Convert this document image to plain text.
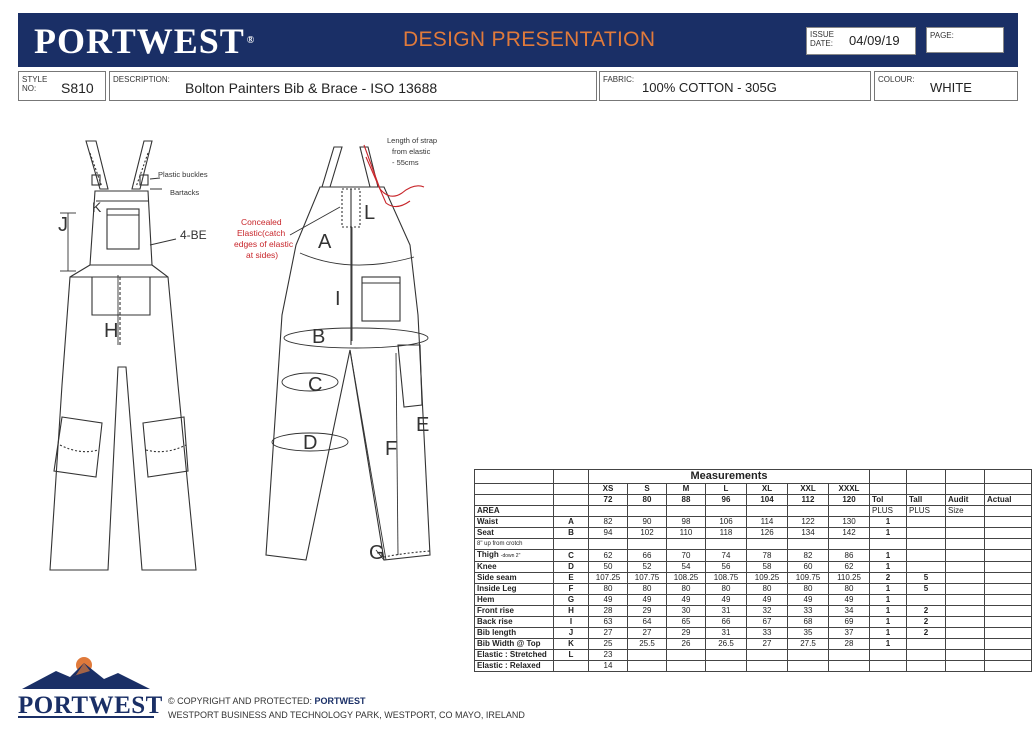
PORTWEST ®	DESIGN PRESENTATION	ISSUE
DATE: 04/09/19	PAGE:
STYLE
NO:	S810
DESCRIPTION:
Bolton Painters Bib & Brace - ISO 13688
FABRIC:
100% COTTON - 305G
COLOUR:
WHITE
Plastic buckles
Bartacks
4-BE
Length of strap
from elastic
- 55cms
Concealed
Elastic(catch
edges of elastic
at sides)
J
K
H
A
B
C
D
I
E
F
G
L
		Measurements										
		XS	S	M	L	XL	XXL	XXXL				
		72	80	88	96	104	112	120	Tol	Tall	Audit	Actual
AREA									PLUS	PLUS	Size	
Waist	A	82	90	98	106	114	122	130	1			
Seat	B	94	102	110	118	126	134	142	1			
8" up from crotch												
Thigh -down 2"	C	62	66	70	74	78	82	86	1			
Knee	D	50	52	54	56	58	60	62	1			
Side seam	E	107.25	107.75	108.25	108.75	109.25	109.75	110.25	2	5		
Inside Leg	F	80	80	80	80	80	80	80	1	5		
Hem	G	49	49	49	49	49	49	49	1			
Front rise	H	28	29	30	31	32	33	34	1	2		
Back rise	I	63	64	65	66	67	68	69	1	2		
Bib length	J	27	27	29	31	33	35	37	1	2		
Bib Width @ Top	K	25	25.5	26	26.5	27	27.5	28	1			
Elastic : Stretched	L	23										
Elastic : Relaxed		14										
PORTWEST © COPYRIGHT AND PROTECTED: PORTWEST
WESTPORT BUSINESS AND TECHNOLOGY PARK, WESTPORT, CO MAYO, IRELAND
